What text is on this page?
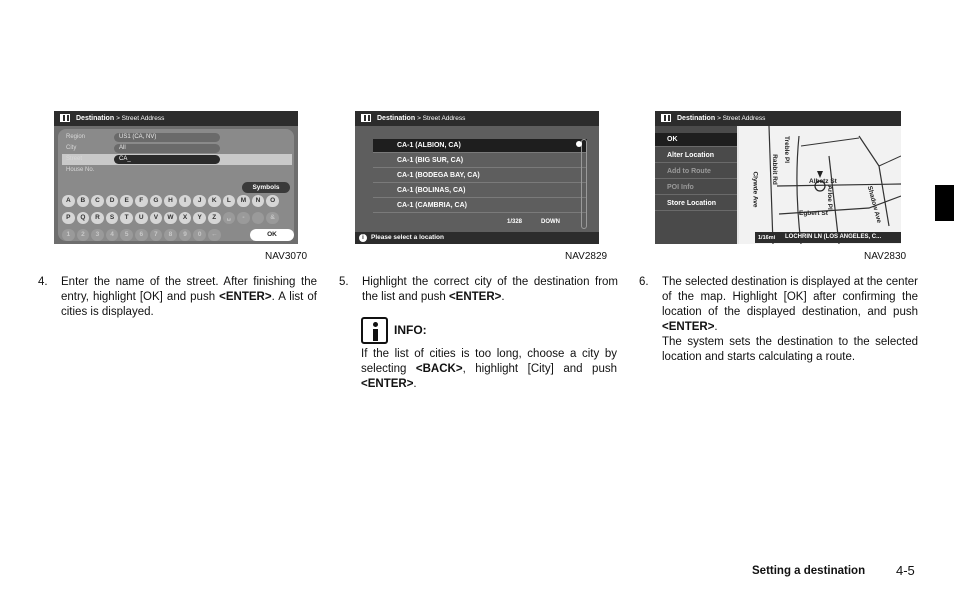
Destination > Street Address
Region	US1 (CA, NV)
City	All
Street	CA_
House No.
Symbols
A	B	C	D	E	F	G	H	I	J	K	L	M	N	O
P	Q	R	S	T	U	V	W	X	Y	Z	␣	-	&
1	2	3	4	5	6	7	8	9	0	←	OK
NAV3070
Destination > Street Address
CA-1 (ALBION, CA)
CA-1 (BIG SUR, CA)
CA-1 (BODEGA BAY, CA)
CA-1 (BOLINAS, CA)
CA-1 (CAMBRIA, CA)
1/328	DOWN
i	Please select a location
NAV2829
Destination > Street Address
Rabbit Rd
Clywde Ave	Albetz St
Egbert St
Treble Pl
Arloe Pl	Shadow Ave
OK
Alter Location
Add to Route
POI Info
Store Location
LOCHRIN LN (LOS ANGELES, C...
1/16mi
NAV2830
4. Enter the name of the street. After finishing the entry, highlight [OK] and push <ENTER>. A list of cities is displayed.
5. Highlight the correct city of the destination from the list and push <ENTER>.
INFO:
If the list of cities is too long, choose a city by selecting <BACK>, highlight [City] and push <ENTER>.
6. The selected destination is displayed at the center of the map. Highlight [OK] after confirming the location of the displayed destination, and push <ENTER>.
The system sets the destination to the selected location and starts calculating a route.
Setting a destination 4-5
